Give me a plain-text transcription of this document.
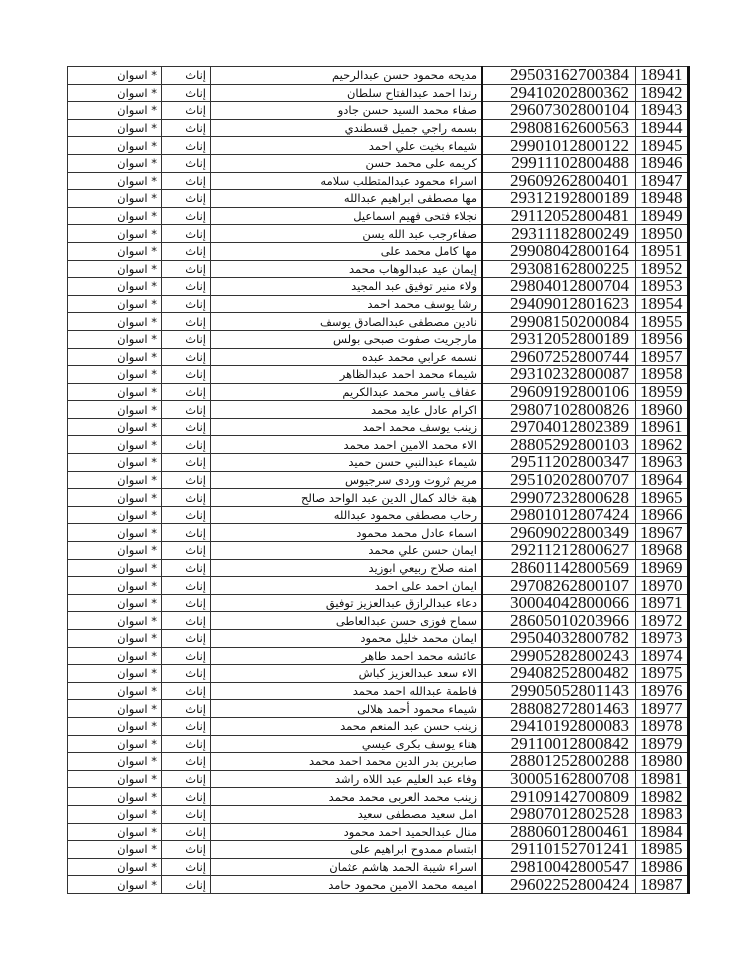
اسوان *	إناث	مديحه محمود حسن عبدالرحيم	29503162700384	18941
اسوان *	إناث	رندا احمد عبدالفتاح سلطان	29410202800362	18942
اسوان *	إناث	صفاء محمد السيد حسن جادو	29607302800104	18943
اسوان *	إناث	بسمه راجي جميل قسطندي	29808162600563	18944
اسوان *	إناث	شيماء بخيت علي احمد	29901012800122	18945
اسوان *	إناث	كريمه على محمد حسن	29911102800488	18946
اسوان *	إناث	اسراء محمود عبدالمتطلب سلامه	29609262800401	18947
اسوان *	إناث	مها مصطفى ابراهيم عبدالله	29312192800189	18948
اسوان *	إناث	نجلاء فتحى فهيم اسماعيل	29112052800481	18949
اسوان *	إناث	صفاءرجب عبد الله يسن	29311182800249	18950
اسوان *	إناث	مها كامل محمد على	29908042800164	18951
اسوان *	إناث	إيمان عيد عبدالوهاب محمد	29308162800225	18952
اسوان *	إناث	ولاء منير توفيق عبد المجيد	29804012800704	18953
اسوان *	إناث	رشا يوسف محمد احمد	29409012801623	18954
اسوان *	إناث	نادين مصطفى عبدالصادق يوسف	29908150200084	18955
اسوان *	إناث	مارجريت صفوت صبحى بولس	29312052800189	18956
اسوان *	إناث	نسمه عرابي محمد عبده	29607252800744	18957
اسوان *	إناث	شيماء محمد احمد عبدالظاهر	29310232800087	18958
اسوان *	إناث	عفاف ياسر محمد عبدالكريم	29609192800106	18959
اسوان *	إناث	اكرام عادل عايد محمد	29807102800826	18960
اسوان *	إناث	زينب يوسف محمد احمد	29704012802389	18961
اسوان *	إناث	الاء محمد الامين احمد محمد	28805292800103	18962
اسوان *	إناث	شيماء عبدالنبي حسن حميد	29511202800347	18963
اسوان *	إناث	مريم ثروت وردى سرجيوس	29510202800707	18964
اسوان *	إناث	هبة خالد كمال الدين عبد الواحد صالح	29907232800628	18965
اسوان *	إناث	رحاب مصطفى محمود عبدالله	29801012807424	18966
اسوان *	إناث	اسماء عادل محمد محمود	29609022800349	18967
اسوان *	إناث	ايمان حسن علي محمد	29211212800627	18968
اسوان *	إناث	امنه صلاح ربيعي ابوزيد	28601142800569	18969
اسوان *	إناث	ايمان احمد على احمد	29708262800107	18970
اسوان *	إناث	دعاء عبدالرازق عبدالعزيز توفيق	30004042800066	18971
اسوان *	إناث	سماح فوزى حسن عبدالعاطى	28605010203966	18972
اسوان *	إناث	ايمان محمد خليل محمود	29504032800782	18973
اسوان *	إناث	عائشه محمد احمد طاهر	29905282800243	18974
اسوان *	إناث	الاء سعد عبدالعزيز كباش	29408252800482	18975
اسوان *	إناث	فاطمة عبدالله احمد محمد	29905052801143	18976
اسوان *	إناث	شيماء محمود أحمد هلالى	28808272801463	18977
اسوان *	إناث	زينب حسن عبد المنعم محمد	29410192800083	18978
اسوان *	إناث	هناء يوسف بكرى عيسي	29110012800842	18979
اسوان *	إناث	صابرين بدر الدين محمد احمد محمد	28801252800288	18980
اسوان *	إناث	وفاء عبد العليم عبد اللاه راشد	30005162800708	18981
اسوان *	إناث	زينب محمد العربى محمد محمد	29109142700809	18982
اسوان *	إناث	امل سعيد مصطفى سعيد	29807012802528	18983
اسوان *	إناث	منال عبدالحميد احمد محمود	28806012800461	18984
اسوان *	إناث	ابتسام ممدوح ابراهيم على	29110152701241	18985
اسوان *	إناث	اسراء شيبة الحمد هاشم عثمان	29810042800547	18986
اسوان *	إناث	اميمه محمد الامين محمود حامد	29602252800424	18987
